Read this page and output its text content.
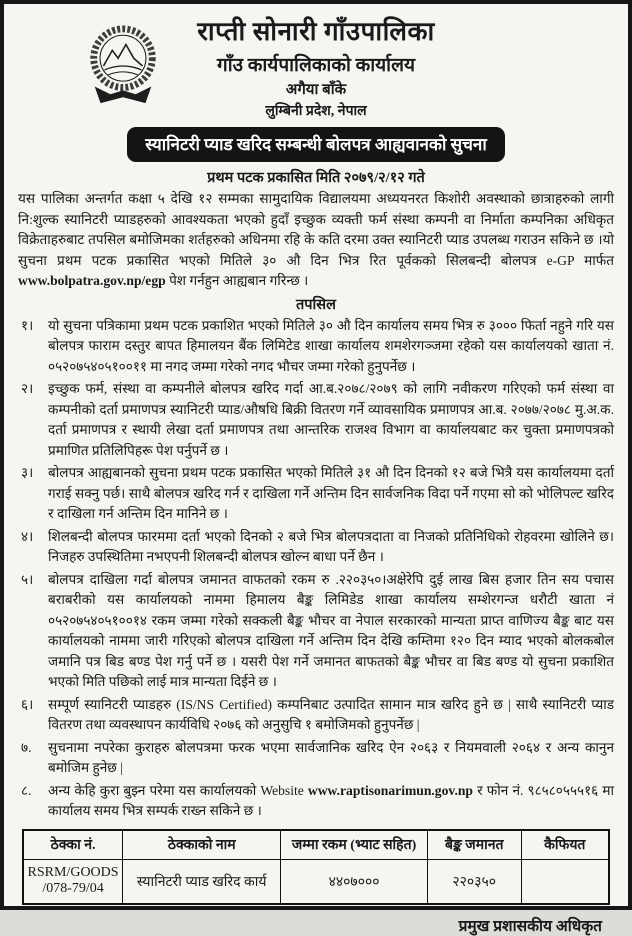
राप्ती सोनारी गाँउपालिका
गाँउ कार्यपालिकाको कार्यालय
अगैया बाँके
लुम्बिनी प्रदेश, नेपाल
स्यानिटरी प्याड खरिद सम्बन्धी बोलपत्र आह्यवानको सुचना
प्रथम पटक प्रकासित मिति २०७९/२/१२ गते

यस पालिका अन्तर्गत कक्षा ५ देखि १२ सम्मका सामुदायिक विद्यालयमा अध्ययनरत किशोरी अवस्थाको छात्राहरुको लागी नि:शुल्क स्यानिटरी प्याडहरुको आवश्यकता भएको हुदाँ इच्छुक व्यक्ती फर्म संस्था कम्पनी वा निर्माता कम्पनिका अधिकृत विक्रेताहरुबाट तपसिल बमोजिमका शर्तहरुको अधिनमा रहि के कति दरमा उक्त स्यानिटरी प्याड उपलब्ध गराउन सकिने छ ।यो सुचना प्रथम पटक प्रकासित भएको मितिले ३० औ दिन भित्र रित पूर्वकको सिलबन्दी बोलपत्र e-GP मार्फत www.bolpatra.gov.np/egp पेश गर्नहुन आह्यबान गरिन्छ ।

तपसिल
१।	यो सुचना पत्रिकामा प्रथम पटक प्रकाशित भएको मितिले ३० औ दिन कार्यालय समय भित्र रु ३००० फिर्ता नहुने गरि यस बोलपत्र फाराम दस्तुर बापत हिमालयन बैंक लिमिटेड शाखा कार्यालय शमशेरगञ्जमा रहेको यस कार्यालयको खाता नं. ०५२०७५४०५१००११ मा नगद जम्मा गरेको नगद भौचर जम्मा गरेको हुनुपर्नेछ ।
२।	इच्छुक फर्म, संस्था वा कम्पनीले बोलपत्र खरिद गर्दा आ.ब.२०७८/२०७९ को लागि नवीकरण गरिएको फर्म संस्था वा कम्पनीको दर्ता प्रमाणपत्र स्यानिटरी प्याड/औषधि बिक्री वितरण गर्ने व्यावसायिक प्रमाणपत्र आ.ब. २०७७/२०७८ मु.अ.क. दर्ता प्रमाणपत्र र स्थायी लेखा दर्ता प्रमाणपत्र तथा आन्तरिक राजश्व विभाग वा कार्यालयबाट कर चुक्ता प्रमाणपत्रको प्रमाणित प्रतिलिपिहरू पेश पर्नुपर्ने छ ।
३।	बोलपत्र आह्यबानको सुचना प्रथम पटक प्रकासित भएको मितिले ३१ औ दिन दिनको १२ बजे भित्रै यस कार्यालयमा दर्ता गराई सक्नु पर्छ। साथै बोलपत्र खरिद गर्न र दाखिला गर्ने अन्तिम दिन सार्वजनिक विदा पर्ने गएमा सो को भोलिपल्ट खरिद र दाखिला गर्न अन्तिम दिन मानिने छ ।
४।	शिलबन्दी बोलपत्र फारममा दर्ता भएको दिनको २ बजे भित्र बोलपत्रदाता वा निजको प्रतिनिधिको रोहवरमा खोलिने छ। निजहरु उपस्थितिमा नभएपनी शिलबन्दी बोलपत्र खोल्न बाधा पर्ने छैन ।
५।	बोलपत्र दाखिला गर्दा बोलपत्र जमानत वाफतको रकम रु .२२०३५०।अक्षेरेपि दुई लाख बिस हजार तिन सय पचास बराबरीको यस कार्यालयको नाममा हिमालय बैङ्क लिमिडेड शाखा कार्यालय सम्शेरगन्ज धरौटी खाता नं ०५२०७५४०५१००१४ रकम जम्मा गरेको सक्कली बैङ्क भौचर वा नेपाल सरकारको मान्यता प्राप्त वाणिज्य बैङ्क बाट यस कार्यालयको नाममा जारी गरिएको बोलपत्र दाखिला गर्ने अन्तिम दिन देखि कम्तिमा १२० दिन म्याद भएको बोलकबोल जमानि पत्र बिड बण्ड पेश गर्नु पर्ने छ । यसरी पेश गर्ने जमानत बाफतको बैङ्क भौचर वा बिड बण्ड यो सुचना प्रकाशित भएको मिति पछिको लाई मात्र मान्यता दिईने छ ।
६।	सम्पूर्ण स्यानिटरी प्याडहरु (IS/NS Certified) कम्पनिबाट उत्पादित सामान मात्र खरिद हुने छ | साथै स्यानिटरी प्याड वितरण तथा व्यवस्थापन कार्यविधि २०७६ को अनुसुचि १ बमोजिमको हुनुपर्नेछ |
७.	सुचनामा नपरेका कुराहरु बोलपत्रमा फरक भएमा सार्वजानिक खरिद ऐन २०६३ र नियमवाली २०६४ र अन्य कानुन बमोजिम हुनेछ |
८.	अन्य केहि कुरा बुझ्न परेमा यस कार्यालयको Website www.raptisonarimun.gov.np र फोन नं. ९८५८०५५५१६ मा कार्यालय समय भित्र सम्पर्क राख्न सकिने छ ।
ठेक्का नं.	ठेक्काको नाम	जम्मा रकम (भ्याट सहित)	बैङ्क जमानत	कैफियत
RSRM/GOODS /078-79/04	स्यानिटरी प्याड खरिद कार्य	४४०७०००	२२०३५०	
प्रमुख प्रशासकीय अधिकृत
